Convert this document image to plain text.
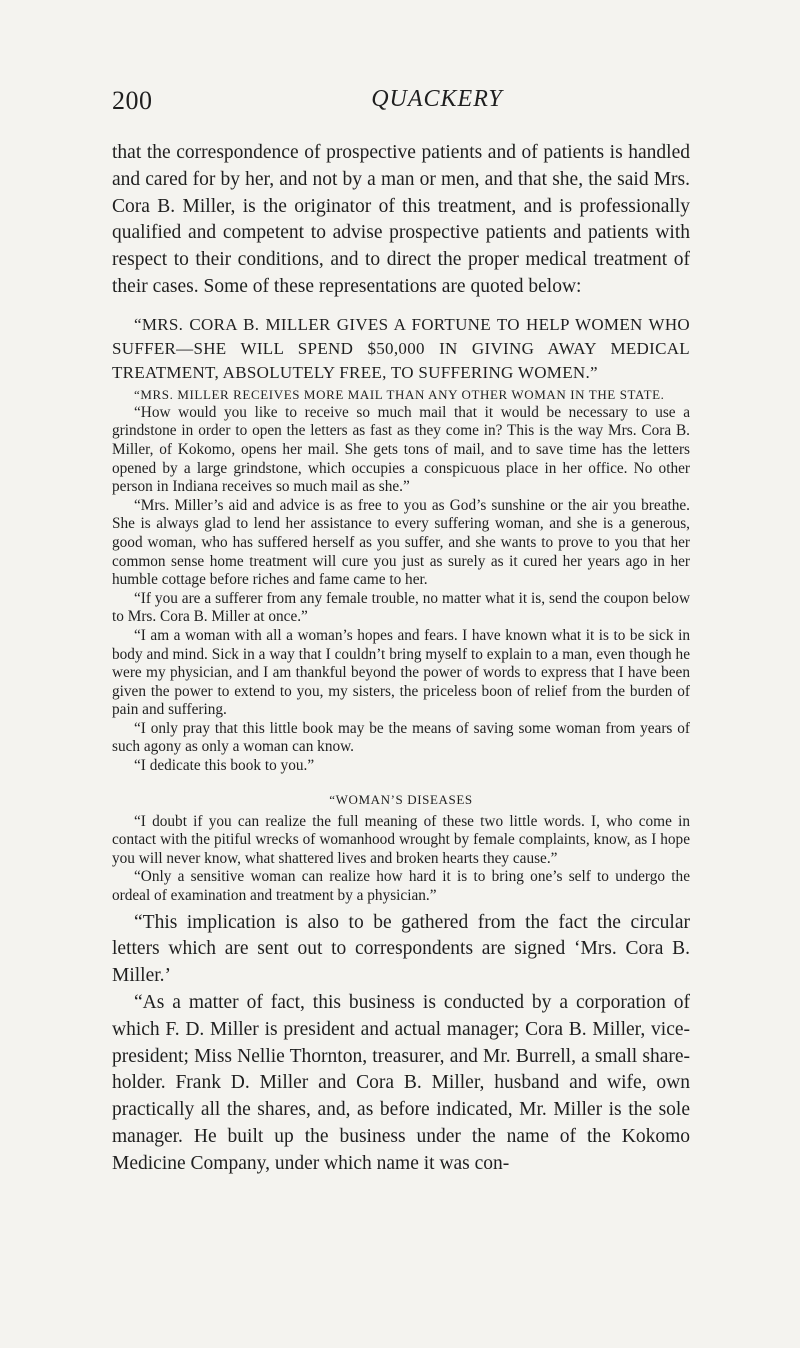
200	QUACKERY

that the correspondence of prospective patients and of patients is handled and cared for by her, and not by a man or men, and that she, the said Mrs. Cora B. Miller, is the originator of this treatment, and is professionally qualified and competent to advise prospective patients and patients with respect to their conditions, and to direct the proper medical treatment of their cases. Some of these representations are quoted below:

“MRS. CORA B. MILLER GIVES A FORTUNE TO HELP WOMEN WHO SUFFER—SHE WILL SPEND $50,000 IN GIVING AWAY MEDICAL TREATMENT, ABSOLUTELY FREE, TO SUFFERING WOMEN.”

“MRS. MILLER RECEIVES MORE MAIL THAN ANY OTHER WOMAN IN THE STATE.

“How would you like to receive so much mail that it would be necessary to use a grindstone in order to open the letters as fast as they come in? This is the way Mrs. Cora B. Miller, of Kokomo, opens her mail. She gets tons of mail, and to save time has the letters opened by a large grindstone, which occupies a conspicuous place in her office. No other person in Indiana receives so much mail as she.”

“Mrs. Miller’s aid and advice is as free to you as God’s sunshine or the air you breathe. She is always glad to lend her assistance to every suffering woman, and she is a generous, good woman, who has suffered herself as you suffer, and she wants to prove to you that her common sense home treatment will cure you just as surely as it cured her years ago in her humble cottage before riches and fame came to her.

“If you are a sufferer from any female trouble, no matter what it is, send the coupon below to Mrs. Cora B. Miller at once.”

“I am a woman with all a woman’s hopes and fears. I have known what it is to be sick in body and mind. Sick in a way that I couldn’t bring myself to explain to a man, even though he were my physician, and I am thankful beyond the power of words to express that I have been given the power to extend to you, my sisters, the priceless boon of relief from the burden of pain and suffering.

“I only pray that this little book may be the means of saving some woman from years of such agony as only a woman can know.

“I dedicate this book to you.”

“WOMAN’S DISEASES

“I doubt if you can realize the full meaning of these two little words. I, who come in contact with the pitiful wrecks of womanhood wrought by female complaints, know, as I hope you will never know, what shattered lives and broken hearts they cause.”

“Only a sensitive woman can realize how hard it is to bring one’s self to undergo the ordeal of examination and treatment by a physician.”

“This implication is also to be gathered from the fact the circular letters which are sent out to correspondents are signed ‘Mrs. Cora B. Miller.’

“As a matter of fact, this business is conducted by a corporation of which F. D. Miller is president and actual manager; Cora B. Miller, vice-president; Miss Nellie Thornton, treasurer, and Mr. Burrell, a small share-holder. Frank D. Miller and Cora B. Miller, husband and wife, own practically all the shares, and, as before indicated, Mr. Miller is the sole manager. He built up the business under the name of the Kokomo Medicine Company, under which name it was con-
